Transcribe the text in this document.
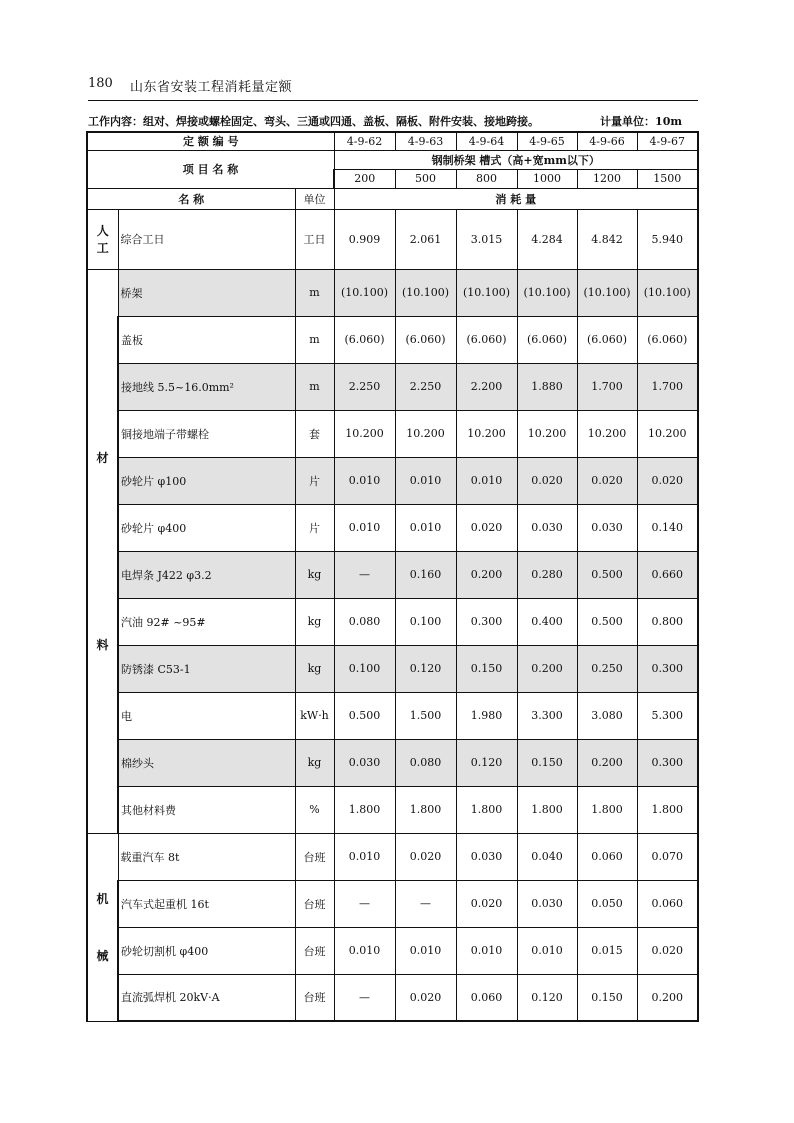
180 山东省安装工程消耗量定额
工作内容：组对、焊接或螺栓固定、弯头、三通或四通、盖板、隔板、附件安装、接地跨接。	计量单位：10m
定 额 编 号			4-9-62	4-9-63	4-9-64	4-9-65	4-9-66	4-9-67
项 目 名 称			钢制桥架 槽式（高+宽mm以下）					
			200	500	800	1000	1200	1500
名 称		单位	消 耗 量					

人
工	综合工日	工日	0.909	2.061	3.015	4.284	4.842	5.940

材
料	桥架	m	(10.100)	(10.100)	(10.100)	(10.100)	(10.100)	(10.100)
	盖板	m	(6.060)	(6.060)	(6.060)	(6.060)	(6.060)	(6.060)
	接地线 5.5~16.0mm²	m	2.250	2.250	2.200	1.880	1.700	1.700
	铜接地端子带螺栓	套	10.200	10.200	10.200	10.200	10.200	10.200
	砂轮片 φ100	片	0.010	0.010	0.010	0.020	0.020	0.020
	砂轮片 φ400	片	0.010	0.010	0.020	0.030	0.030	0.140
	电焊条 J422 φ3.2	kg	—	0.160	0.200	0.280	0.500	0.660
	汽油 92# ~95#	kg	0.080	0.100	0.300	0.400	0.500	0.800
	防锈漆 C53-1	kg	0.100	0.120	0.150	0.200	0.250	0.300
	电	kW·h	0.500	1.500	1.980	3.300	3.080	5.300
	棉纱头	kg	0.030	0.080	0.120	0.150	0.200	0.300
	其他材料费	%	1.800	1.800	1.800	1.800	1.800	1.800

机
械	载重汽车 8t	台班	0.010	0.020	0.030	0.040	0.060	0.070
	汽车式起重机 16t	台班	—	—	0.020	0.030	0.050	0.060
	砂轮切割机 φ400	台班	0.010	0.010	0.010	0.010	0.015	0.020
	直流弧焊机 20kV·A	台班	—	0.020	0.060	0.120	0.150	0.200
